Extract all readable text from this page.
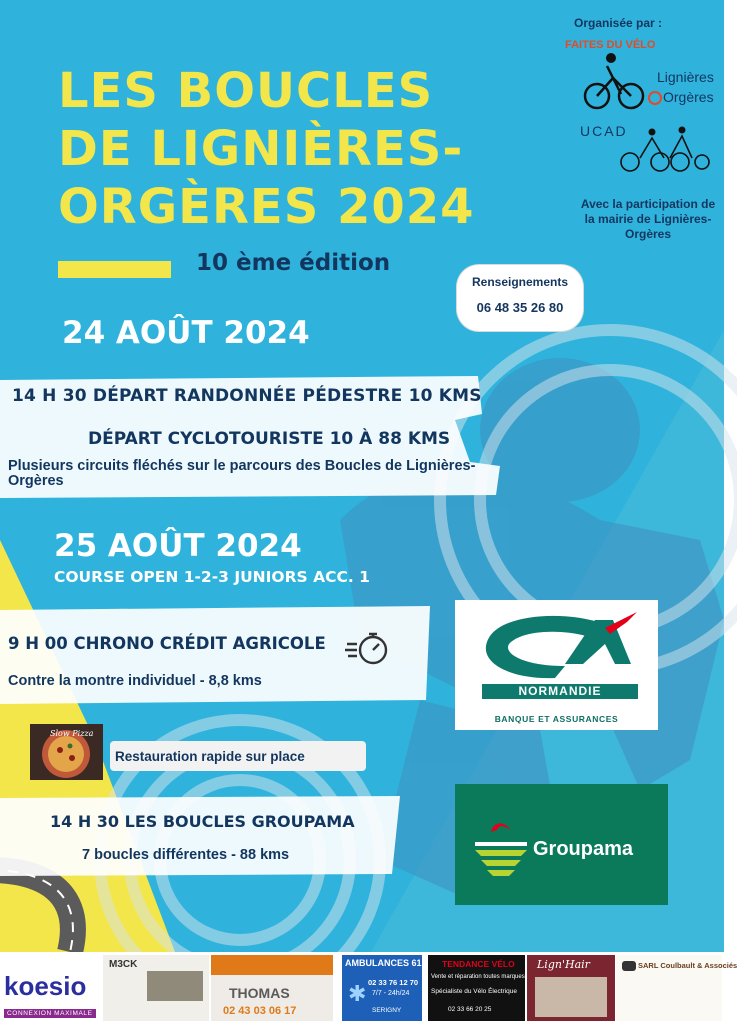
LES BOUCLES
DE LIGNIÈRES-
ORGÈRES 2024
10 ème édition
Organisée par :
FAITES DU VÉLO
Lignières
Orgères
UCAD
Avec la participation de la mairie de Lignières-Orgères
Renseignements
06 48 35 26 80
24 AOÛT 2024
14 H 30 DÉPART RANDONNÉE PÉDESTRE 10 KMS
DÉPART CYCLOTOURISTE 10 À 88 KMS
Plusieurs circuits fléchés sur le parcours des Boucles de Lignières-Orgères
25 AOÛT 2024
COURSE OPEN 1-2-3 JUNIORS ACC. 1
9 H 00 CHRONO CRÉDIT AGRICOLE
Contre la montre individuel - 8,8 kms
Restauration rapide sur place
Slow Pizza
14 H 30 LES BOUCLES GROUPAMA
7 boucles différentes - 88 kms
NORMANDIE
BANQUE ET ASSURANCES
Groupama
koesio
CONNEXION MAXIMALE
M3CK
THOMAS
02 43 03 06 17
AMBULANCES 61
02 33 76 12 70
7/7 - 24h/24
SERIGNY
✱
TENDANCE VÉLO
Vente et réparation toutes marques
Spécialiste du Vélo Électrique
02 33 66 20 25
Lign'Hair	SARL Coulbault & Associés
